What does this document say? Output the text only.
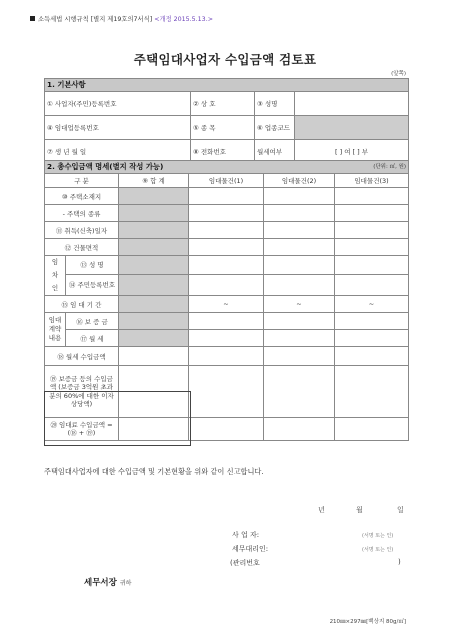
소득세법 시행규칙 [별지 제19호의7서식] <개정 2015.5.13.>
주택임대사업자 수입금액 검토표
(앞쪽)
1. 기본사항			
① 사업자(주민)등록번호	② 상 호	③ 성명	
④ 임대업등록번호	⑤ 종 목	⑥ 업종코드	
⑦ 생 년 월 일	⑧ 전화번호	월세여부	[ ] 여 [ ] 부
2. 총수입금액 명세(별지 작성 가능) (단위: ㎡, 원)					

구 분		⑨ 합 계	임대물건(1)	임대물건(2)	임대물건(3)
⑩ 주택소재지					
- 주택의 종류					
⑪ 취득(신축)일자					
⑫ 건물면적					
임차인	⑬ 성 명				
	⑭ 주민등록번호				
⑮ 임 대 기 간			~	~	~
임대계약내용	⑯ 보 증 금				
	⑰ 월 세				
⑱ 월세 수입금액					
⑲ 보증금 등의 수입금액 (보증금 3억원 초과분의 60%에 대한 이자상당액)					
⑳ 임대료 수입금액 =(⑱ + ⑲)					
주택임대사업자에 대한 수입금액 및 기본현황을 위와 같이 신고합니다.
년	월	일
사 업 자:	(서명 또는 인)
세무대리인:	(서명 또는 인)
(관리번호	)
세무서장 귀하
210㎜×297㎜[백상지 80g/㎡]
